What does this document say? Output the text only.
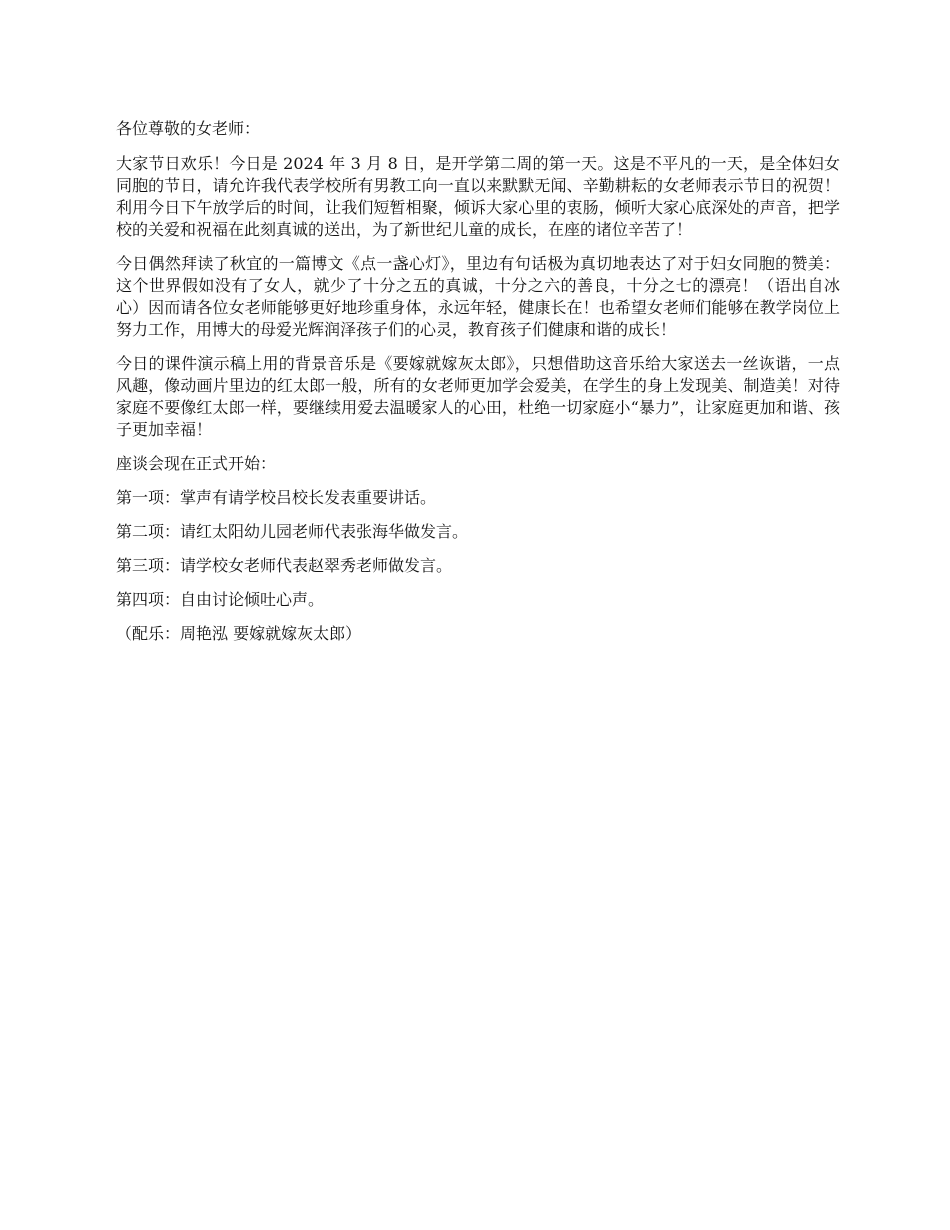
各位尊敬的女老师：

大家节日欢乐！今日是 2024 年 3 月 8 日，是开学第二周的第一天。这是不平凡的一天，是全体妇女同胞的节日，请允许我代表学校所有男教工向一直以来默默无闻、辛勤耕耘的女老师表示节日的祝贺！利用今日下午放学后的时间，让我们短暂相聚，倾诉大家心里的衷肠，倾听大家心底深处的声音，把学校的关爱和祝福在此刻真诚的送出，为了新世纪儿童的成长，在座的诸位辛苦了！

今日偶然拜读了秋宜的一篇博文《点一盏心灯》，里边有句话极为真切地表达了对于妇女同胞的赞美：这个世界假如没有了女人，就少了十分之五的真诚，十分之六的善良，十分之七的漂亮！（语出自冰心）因而请各位女老师能够更好地珍重身体，永远年轻，健康长在！也希望女老师们能够在教学岗位上努力工作，用博大的母爱光辉润泽孩子们的心灵，教育孩子们健康和谐的成长！

今日的课件演示稿上用的背景音乐是《要嫁就嫁灰太郎》，只想借助这音乐给大家送去一丝诙谐，一点风趣，像动画片里边的红太郎一般，所有的女老师更加学会爱美，在学生的身上发现美、制造美！对待家庭不要像红太郎一样，要继续用爱去温暖家人的心田，杜绝一切家庭小“暴力”，让家庭更加和谐、孩子更加幸福！

座谈会现在正式开始：

第一项：掌声有请学校吕校长发表重要讲话。

第二项：请红太阳幼儿园老师代表张海华做发言。

第三项：请学校女老师代表赵翠秀老师做发言。

第四项：自由讨论倾吐心声。

（配乐：周艳泓 要嫁就嫁灰太郎）
